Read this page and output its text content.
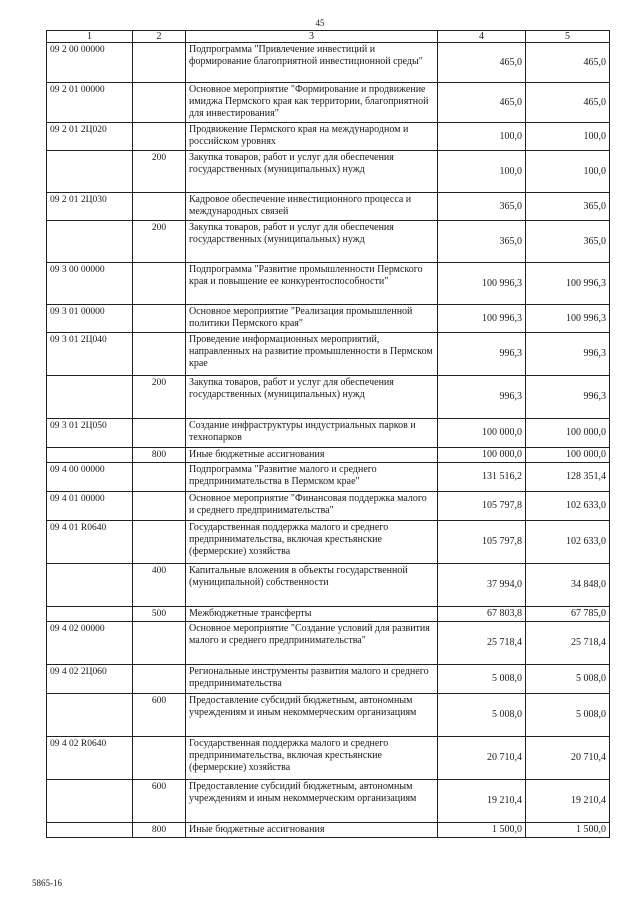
45
1	2	3	4	5
09 2 00 00000		Подпрограмма "Привлечение инвестиций и формирование благоприятной инвестиционной среды"	465,0	465,0
09 2 01 00000		Основное мероприятие "Формирование и продвижение имиджа Пермского края как территории, благоприятной для инвестирования"	465,0	465,0
09 2 01 2Ц020		Продвижение Пермского края на международном и российском уровнях	100,0	100,0
	200	Закупка товаров, работ и услуг для обеспечения государственных (муниципальных) нужд	100,0	100,0
09 2 01 2Ц030		Кадровое обеспечение инвестиционного процесса и международных связей	365,0	365,0
	200	Закупка товаров, работ и услуг для обеспечения государственных (муниципальных) нужд	365,0	365,0
09 3 00 00000		Подпрограмма "Развитие промышленности Пермского края и повышение ее конкурентоспособности"	100 996,3	100 996,3
09 3 01 00000		Основное мероприятие "Реализация промышленной политики Пермского края"	100 996,3	100 996,3
09 3 01 2Ц040		Проведение информационных мероприятий, направленных на развитие промышленности в Пермском крае	996,3	996,3
	200	Закупка товаров, работ и услуг для обеспечения государственных (муниципальных) нужд	996,3	996,3
09 3 01 2Ц050		Создание инфраструктуры индустриальных парков и технопарков	100 000,0	100 000,0
	800	Иные бюджетные ассигнования	100 000,0	100 000,0
09 4 00 00000		Подпрограмма "Развитие малого и среднего предпринимательства в Пермском крае"	131 516,2	128 351,4
09 4 01 00000		Основное мероприятие "Финансовая поддержка малого и среднего предпринимательства"	105 797,8	102 633,0
09 4 01 R0640		Государственная поддержка малого и среднего предпринимательства, включая крестьянские (фермерские) хозяйства	105 797,8	102 633,0
	400	Капитальные вложения в объекты государственной (муниципальной) собственности	37 994,0	34 848,0
	500	Межбюджетные трансферты	67 803,8	67 785,0
09 4 02 00000		Основное мероприятие "Создание условий для развития малого и среднего предпринимательства"	25 718,4	25 718,4
09 4 02 2Ц060		Региональные инструменты развития малого и среднего предпринимательства	5 008,0	5 008,0
	600	Предоставление субсидий бюджетным, автономным учреждениям и иным некоммерческим организациям	5 008,0	5 008,0
09 4 02 R0640		Государственная поддержка малого и среднего предпринимательства, включая крестьянские (фермерские) хозяйства	20 710,4	20 710,4
	600	Предоставление субсидий бюджетным, автономным учреждениям и иным некоммерческим организациям	19 210,4	19 210,4
	800	Иные бюджетные ассигнования	1 500,0	1 500,0
5865-16
